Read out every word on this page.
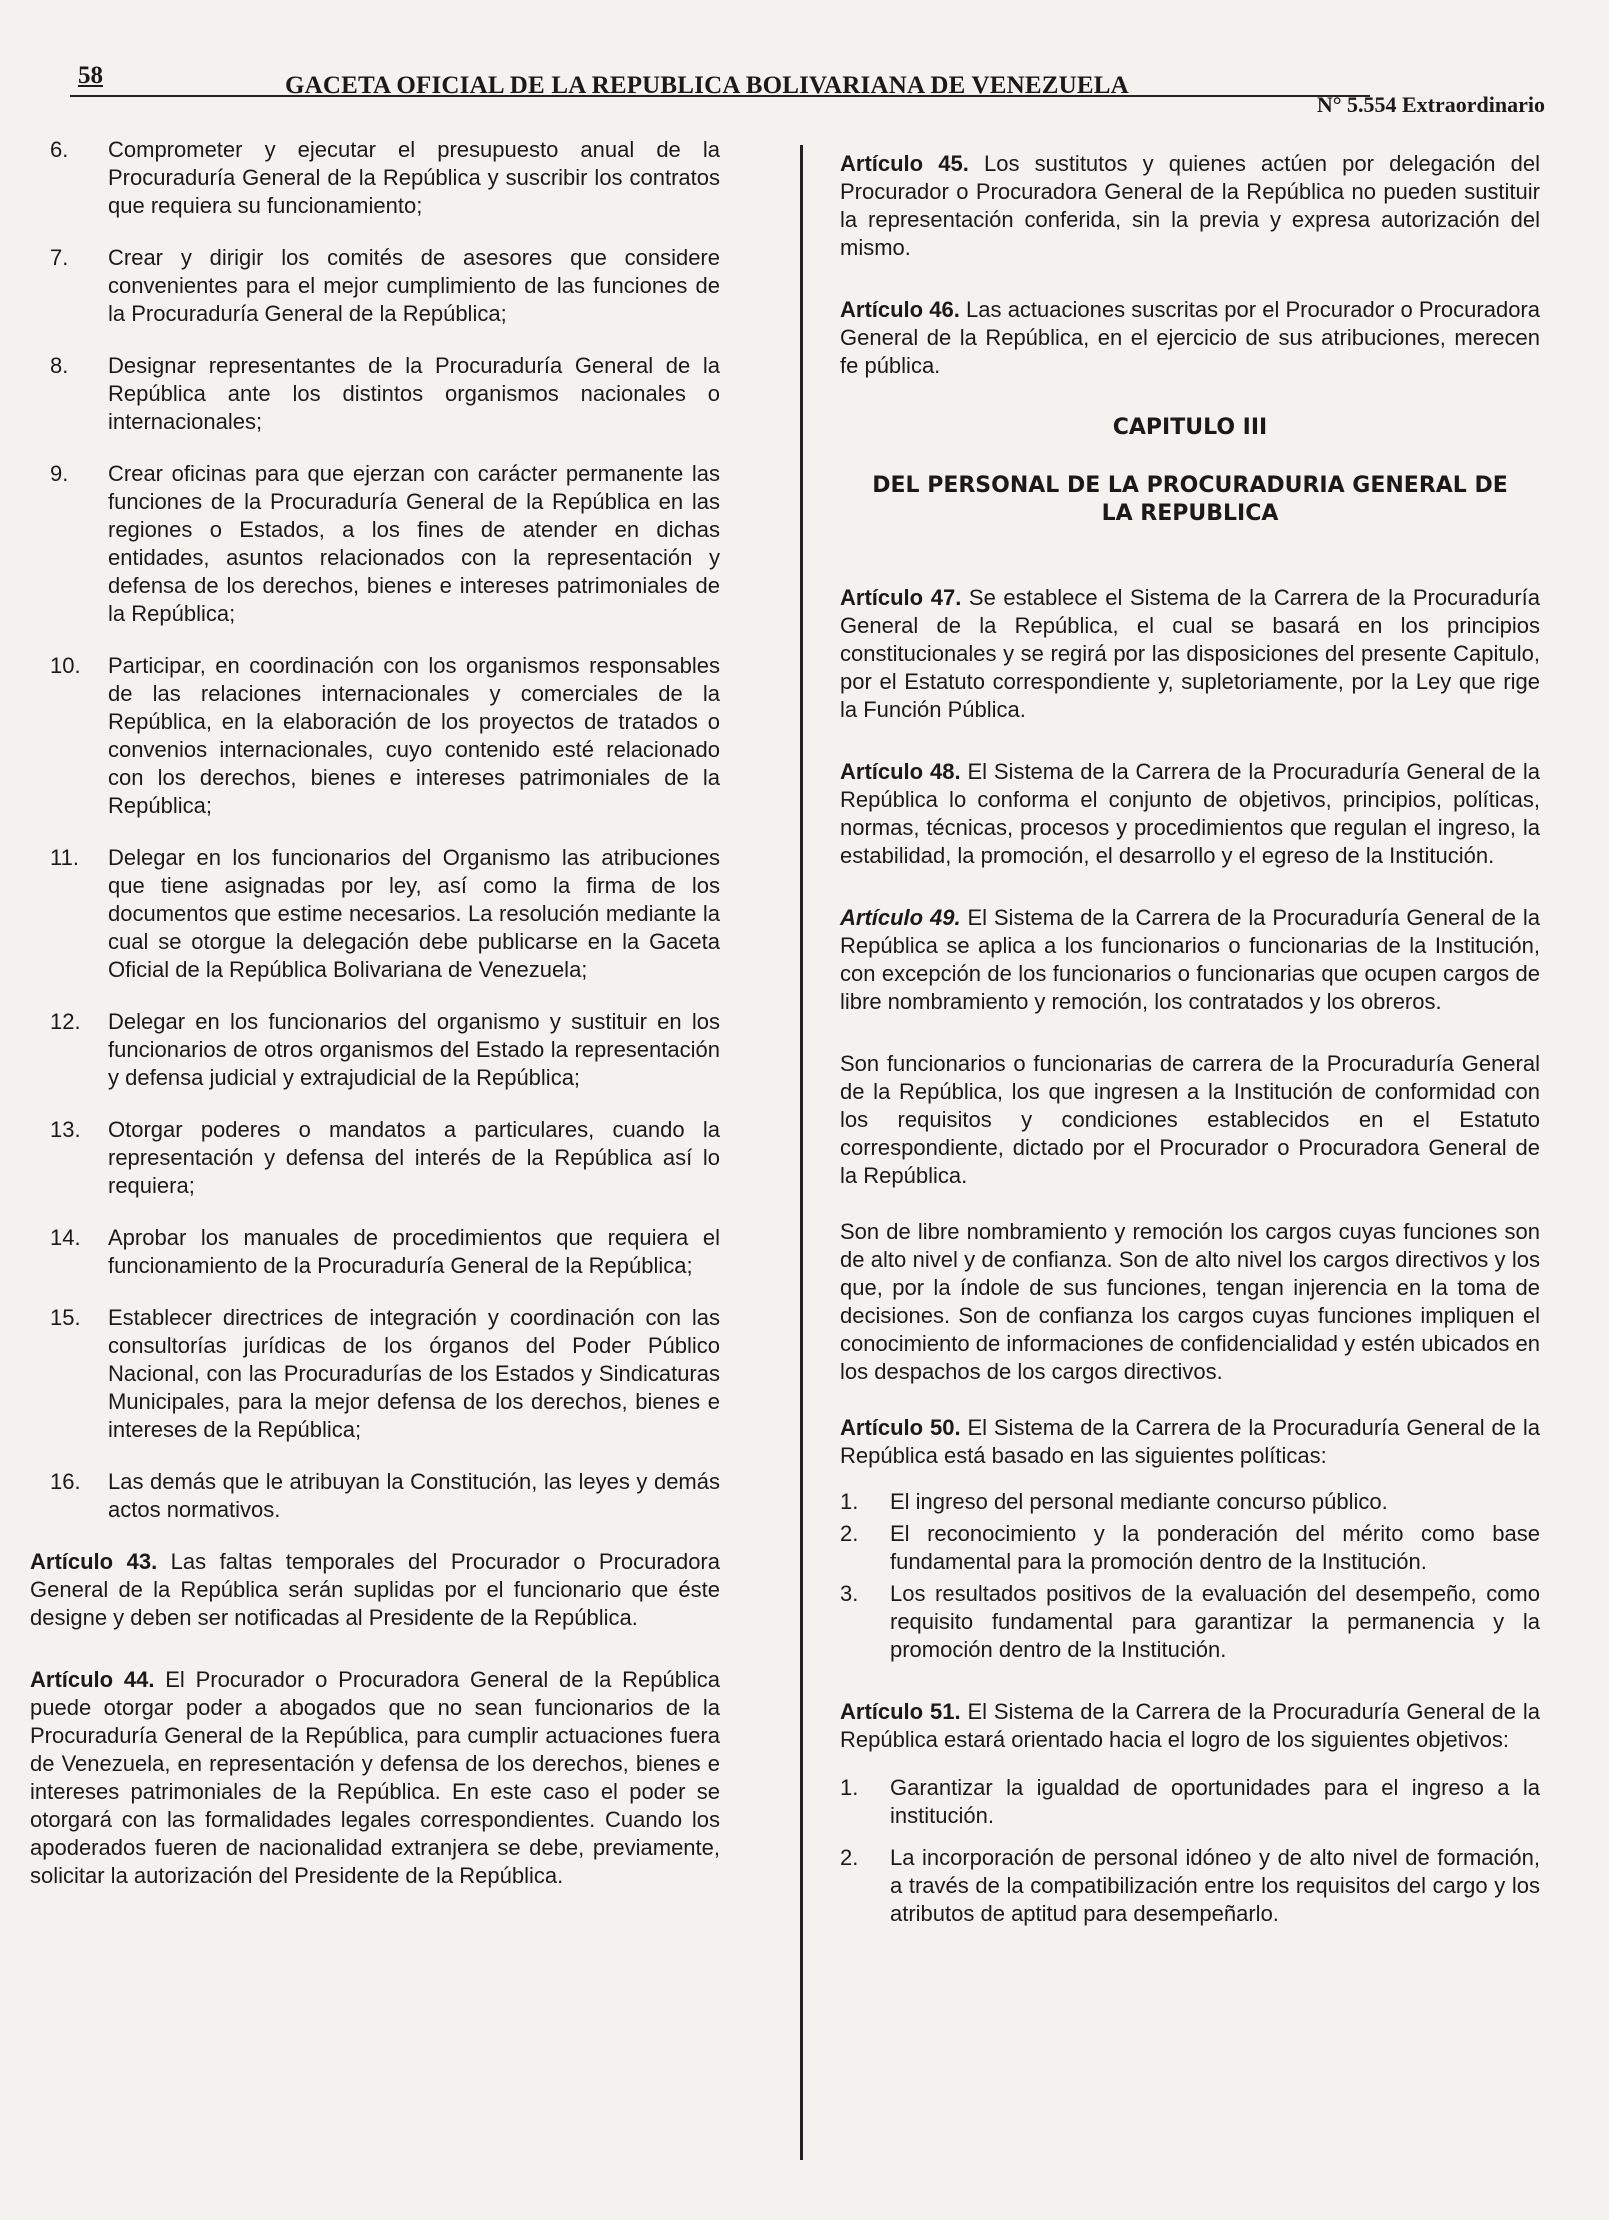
58	GACETA OFICIAL DE LA REPUBLICA BOLIVARIANA DE VENEZUELA
N° 5.554 Extraordinario
6. Comprometer y ejecutar el presupuesto anual de la Procuraduría General de la República y suscribir los contratos que requiera su funcionamiento;
7. Crear y dirigir los comités de asesores que considere convenientes para el mejor cumplimiento de las funciones de la Procuraduría General de la República;
8. Designar representantes de la Procuraduría General de la República ante los distintos organismos nacionales o internacionales;
9. Crear oficinas para que ejerzan con carácter permanente las funciones de la Procuraduría General de la República en las regiones o Estados, a los fines de atender en dichas entidades, asuntos relacionados con la representación y defensa de los derechos, bienes e intereses patrimoniales de la República;
10. Participar, en coordinación con los organismos responsables de las relaciones internacionales y comerciales de la República, en la elaboración de los proyectos de tratados o convenios internacionales, cuyo contenido esté relacionado con los derechos, bienes e intereses patrimoniales de la República;
11. Delegar en los funcionarios del Organismo las atribuciones que tiene asignadas por ley, así como la firma de los documentos que estime necesarios. La resolución mediante la cual se otorgue la delegación debe publicarse en la Gaceta Oficial de la República Bolivariana de Venezuela;
12. Delegar en los funcionarios del organismo y sustituir en los funcionarios de otros organismos del Estado la representación y defensa judicial y extrajudicial de la República;
13. Otorgar poderes o mandatos a particulares, cuando la representación y defensa del interés de la República así lo requiera;
14. Aprobar los manuales de procedimientos que requiera el funcionamiento de la Procuraduría General de la República;
15. Establecer directrices de integración y coordinación con las consultorías jurídicas de los órganos del Poder Público Nacional, con las Procuradurías de los Estados y Sindicaturas Municipales, para la mejor defensa de los derechos, bienes e intereses de la República;
16. Las demás que le atribuyan la Constitución, las leyes y demás actos normativos.

Artículo 43. Las faltas temporales del Procurador o Procuradora General de la República serán suplidas por el funcionario que éste designe y deben ser notificadas al Presidente de la República.

Artículo 44. El Procurador o Procuradora General de la República puede otorgar poder a abogados que no sean funcionarios de la Procuraduría General de la República, para cumplir actuaciones fuera de Venezuela, en representación y defensa de los derechos, bienes e intereses patrimoniales de la República. En este caso el poder se otorgará con las formalidades legales correspondientes. Cuando los apoderados fueren de nacionalidad extranjera se debe, previamente, solicitar la autorización del Presidente de la República.

Artículo 45. Los sustitutos y quienes actúen por delegación del Procurador o Procuradora General de la República no pueden sustituir la representación conferida, sin la previa y expresa autorización del mismo.

Artículo 46. Las actuaciones suscritas por el Procurador o Procuradora General de la República, en el ejercicio de sus atribuciones, merecen fe pública.

CAPITULO III
DEL PERSONAL DE LA PROCURADURIA GENERAL DE LA REPUBLICA

Artículo 47. Se establece el Sistema de la Carrera de la Procuraduría General de la República, el cual se basará en los principios constitucionales y se regirá por las disposiciones del presente Capitulo, por el Estatuto correspondiente y, supletoriamente, por la Ley que rige la Función Pública.

Artículo 48. El Sistema de la Carrera de la Procuraduría General de la República lo conforma el conjunto de objetivos, principios, políticas, normas, técnicas, procesos y procedimientos que regulan el ingreso, la estabilidad, la promoción, el desarrollo y el egreso de la Institución.

Artículo 49. El Sistema de la Carrera de la Procuraduría General de la República se aplica a los funcionarios o funcionarias de la Institución, con excepción de los funcionarios o funcionarias que ocupen cargos de libre nombramiento y remoción, los contratados y los obreros.

Son funcionarios o funcionarias de carrera de la Procuraduría General de la República, los que ingresen a la Institución de conformidad con los requisitos y condiciones establecidos en el Estatuto correspondiente, dictado por el Procurador o Procuradora General de la República.

Son de libre nombramiento y remoción los cargos cuyas funciones son de alto nivel y de confianza. Son de alto nivel los cargos directivos y los que, por la índole de sus funciones, tengan injerencia en la toma de decisiones. Son de confianza los cargos cuyas funciones impliquen el conocimiento de informaciones de confidencialidad y estén ubicados en los despachos de los cargos directivos.

Artículo 50. El Sistema de la Carrera de la Procuraduría General de la República está basado en las siguientes políticas:

1. El ingreso del personal mediante concurso público.
2. El reconocimiento y la ponderación del mérito como base fundamental para la promoción dentro de la Institución.
3. Los resultados positivos de la evaluación del desempeño, como requisito fundamental para garantizar la permanencia y la promoción dentro de la Institución.

Artículo 51. El Sistema de la Carrera de la Procuraduría General de la República estará orientado hacia el logro de los siguientes objetivos:

1. Garantizar la igualdad de oportunidades para el ingreso a la institución.
2. La incorporación de personal idóneo y de alto nivel de formación, a través de la compatibilización entre los requisitos del cargo y los atributos de aptitud para desempeñarlo.
